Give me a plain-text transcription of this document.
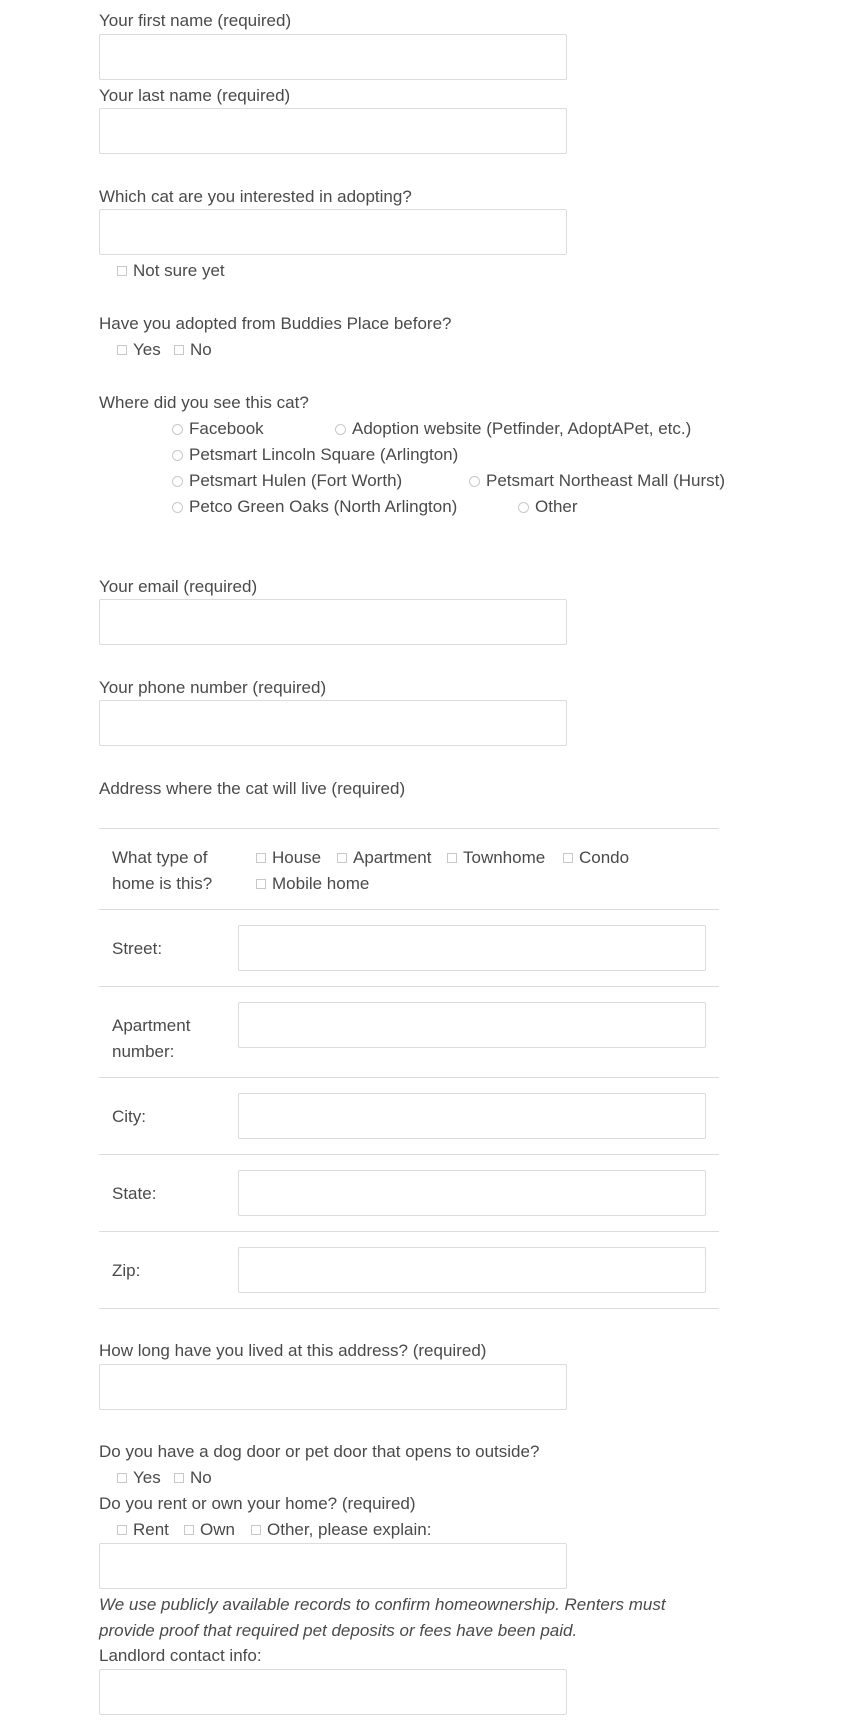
Your first name (required)
Your last name (required)
Which cat are you interested in adopting?
Not sure yet
Have you adopted from Buddies Place before?
Yes No
Where did you see this cat?
Facebook	Adoption website (Petfinder, AdoptAPet, etc.)
Petsmart Lincoln Square (Arlington)
Petsmart Hulen (Fort Worth)	Petsmart Northeast Mall (Hurst)
Petco Green Oaks (North Arlington)	Other
Your email (required)
Your phone number (required)
Address where the cat will live (required)
What type of home is this?
House Apartment Townhome Condo
Mobile home
Street:
Apartment number:
City:
State:
Zip:
How long have you lived at this address? (required)
Do you have a dog door or pet door that opens to outside?
Yes No
Do you rent or own your home? (required)
Rent Own Other, please explain:
We use publicly available records to confirm homeownership. Renters must provide proof that required pet deposits or fees have been paid.
Landlord contact info:
